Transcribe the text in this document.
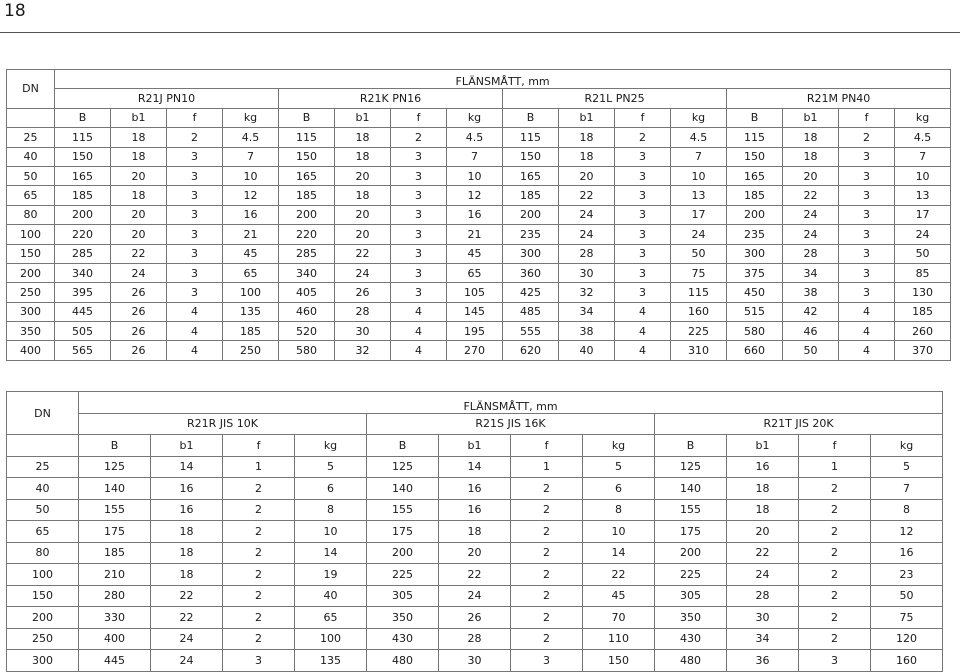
18
DN	FLÄNSMÅTT, mm															
	R21J PN10				R21K PN16				R21L PN25				R21M PN40			
	B	b1	f	kg	B	b1	f	kg	B	b1	f	kg	B	b1	f	kg
25	115	18	2	4.5	115	18	2	4.5	115	18	2	4.5	115	18	2	4.5
40	150	18	3	7	150	18	3	7	150	18	3	7	150	18	3	7
50	165	20	3	10	165	20	3	10	165	20	3	10	165	20	3	10
65	185	18	3	12	185	18	3	12	185	22	3	13	185	22	3	13
80	200	20	3	16	200	20	3	16	200	24	3	17	200	24	3	17
100	220	20	3	21	220	20	3	21	235	24	3	24	235	24	3	24
150	285	22	3	45	285	22	3	45	300	28	3	50	300	28	3	50
200	340	24	3	65	340	24	3	65	360	30	3	75	375	34	3	85
250	395	26	3	100	405	26	3	105	425	32	3	115	450	38	3	130
300	445	26	4	135	460	28	4	145	485	34	4	160	515	42	4	185
350	505	26	4	185	520	30	4	195	555	38	4	225	580	46	4	260
400	565	26	4	250	580	32	4	270	620	40	4	310	660	50	4	370
DN	FLÄNSMÅTT, mm											
	R21R JIS 10K				R21S JIS 16K				R21T JIS 20K			
	B	b1	f	kg	B	b1	f	kg	B	b1	f	kg
25	125	14	1	5	125	14	1	5	125	16	1	5
40	140	16	2	6	140	16	2	6	140	18	2	7
50	155	16	2	8	155	16	2	8	155	18	2	8
65	175	18	2	10	175	18	2	10	175	20	2	12
80	185	18	2	14	200	20	2	14	200	22	2	16
100	210	18	2	19	225	22	2	22	225	24	2	23
150	280	22	2	40	305	24	2	45	305	28	2	50
200	330	22	2	65	350	26	2	70	350	30	2	75
250	400	24	2	100	430	28	2	110	430	34	2	120
300	445	24	3	135	480	30	3	150	480	36	3	160
